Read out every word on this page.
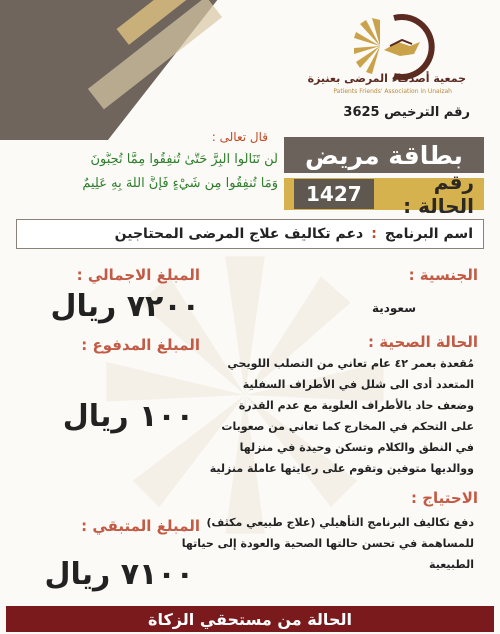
جمعية أصدقاء المرضى بعنيزة
Patients Friends' Association in Unaizah
رقم الترخيص 3625
بطاقة مريض
رقم الحالة :
1427
قال تعالى :
لَن تَنَالُوا الْبِرَّ حَتَّىٰ تُنفِقُوا مِمَّا تُحِبُّونَ
وَمَا تُنفِقُوا مِن شَيْءٍ فَإِنَّ اللَّهَ بِهِ عَلِيمٌ
اسم البرنامج
:
دعم تكاليف علاج المرضى المحتاجين
الجنسية :
سعودية
الحالة الصحية :
مُقعدة بعمر ٤٢ عام تعاني من التصلب اللويحي
المتعدد أدى الى شلل في الأطراف السفلية
وضعف حاد بالأطراف العلوية مع عدم القدرة
على التحكم في المخارج كما تعاني من صعوبات
في النطق والكلام وتسكن وحيدة في منزلها
ووالديها متوفين وتقوم على رعايتها عاملة منزلية
الاحتياج :
دفع تكاليف البرنامج التأهيلي (علاج طبيعي مكثف)
للمساهمة في تحسن حالتها الصحية والعودة إلى حياتها
الطبيعية
المبلغ الاجمالي :
٧٢٠٠ ريال
المبلغ المدفوع :
١٠٠ ريال
المبلغ المتبقي :
٧١٠٠ ريال
الحالة من مستحقي الزكاة
